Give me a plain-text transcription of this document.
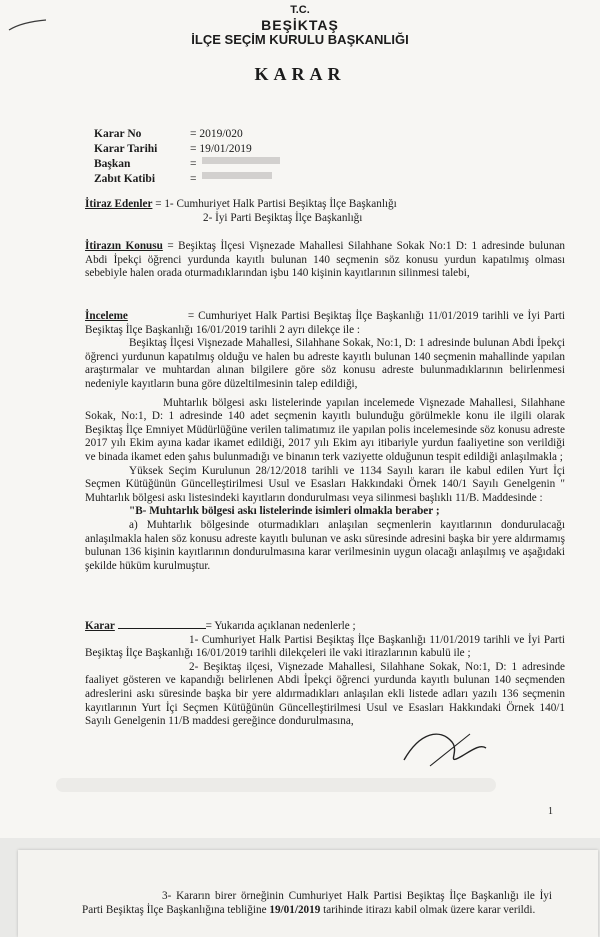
T.C.
BEŞİKTAŞ
İLÇE SEÇİM KURULU BAŞKANLIĞI
KARAR
Karar No	= 2019/020
Karar Tarihi	= 19/01/2019
Başkan	=
Zabıt Katibi	=
İtiraz Edenler = 1- Cumhuriyet Halk Partisi Beşiktaş İlçe Başkanlığı
2- İyi Parti Beşiktaş İlçe Başkanlığı
İtirazın Konusu = Beşiktaş İlçesi Vişnezade Mahallesi Silahhane Sokak No:1 D: 1 adresinde bulunan Abdi İpekçi öğrenci yurdunda kayıtlı bulunan 140 seçmenin söz konusu yurdun kapatılmış olması sebebiyle halen orada oturmadıklarından işbu 140 kişinin kayıtlarının silinmesi talebi,
İnceleme	= Cumhuriyet Halk Partisi Beşiktaş İlçe Başkanlığı 11/01/2019 tarihli ve İyi Parti Beşiktaş İlçe Başkanlığı 16/01/2019 tarihli 2 ayrı dilekçe ile :
Beşiktaş İlçesi Vişnezade Mahallesi, Silahhane Sokak, No:1, D: 1 adresinde bulunan Abdi İpekçi öğrenci yurdunun kapatılmış olduğu ve halen bu adreste kayıtlı bulunan 140 seçmenin mahallinde yapılan araştırmalar ve muhtardan alınan bilgilere göre söz konusu adreste bulunmadıklarının belirlenmesi nedeniyle kayıtların buna göre düzeltilmesinin talep edildiği,
Muhtarlık bölgesi askı listelerinde yapılan incelemede Vişnezade Mahallesi, Silahhane Sokak, No:1, D: 1 adresinde 140 adet seçmenin kayıtlı bulunduğu görülmekle konu ile ilgili olarak Beşiktaş İlçe Emniyet Müdürlüğüne verilen talimatımız ile yapılan polis incelemesinde söz konusu adreste 2017 yılı Ekim ayına kadar ikamet edildiği, 2017 yılı Ekim ayı itibariyle yurdun faaliyetine son verildiği ve binada ikamet eden şahıs bulunmadığı ve binanın terk vaziyette olduğunun tespit edildiği anlaşılmakla ;
Yüksek Seçim Kurulunun 28/12/2018 tarihli ve 1134 Sayılı kararı ile kabul edilen Yurt İçi Seçmen Kütüğünün Güncelleştirilmesi Usul ve Esasları Hakkındaki Örnek 140/1 Sayılı Genelgenin " Muhtarlık bölgesi askı listesindeki kayıtların dondurulması veya silinmesi başlıklı 11/B. Maddesinde :
"B- Muhtarlık bölgesi askı listelerinde isimleri olmakla beraber ;
a) Muhtarlık bölgesinde oturmadıkları anlaşılan seçmenlerin kayıtlarının dondurulacağı anlaşılmakla halen söz konusu adreste kayıtlı bulunan ve askı süresinde adresini başka bir yere aldırmamış bulunan 136 kişinin kayıtlarının dondurulmasına karar verilmesinin uygun olacağı anlaşılmış ve aşağıdaki şekilde hüküm kurulmuştur.
Karar	= Yukarıda açıklanan nedenlerle ;
1- Cumhuriyet Halk Partisi Beşiktaş İlçe Başkanlığı 11/01/2019 tarihli ve İyi Parti Beşiktaş İlçe Başkanlığı 16/01/2019 tarihli dilekçeleri ile vaki itirazlarının kabulü ile ;
2- Beşiktaş ilçesi, Vişnezade Mahallesi, Silahhane Sokak, No:1, D: 1 adresinde faaliyet gösteren ve kapandığı belirlenen Abdi İpekçi öğrenci yurdunda kayıtlı bulunan 140 seçmenden adreslerini askı süresinde başka bir yere aldırmadıkları anlaşılan ekli listede adları yazılı 136 seçmenin kayıtlarının Yurt İçi Seçmen Kütüğünün Güncelleştirilmesi Usul ve Esasları Hakkındaki Örnek 140/1 Sayılı Genelgenin 11/B maddesi gereğince dondurulmasına,
1
3- Kararın birer örneğinin Cumhuriyet Halk Partisi Beşiktaş İlçe Başkanlığı ile İyi Parti Beşiktaş İlçe Başkanlığına tebliğine 19/01/2019 tarihinde itirazı kabil olmak üzere karar verildi.
